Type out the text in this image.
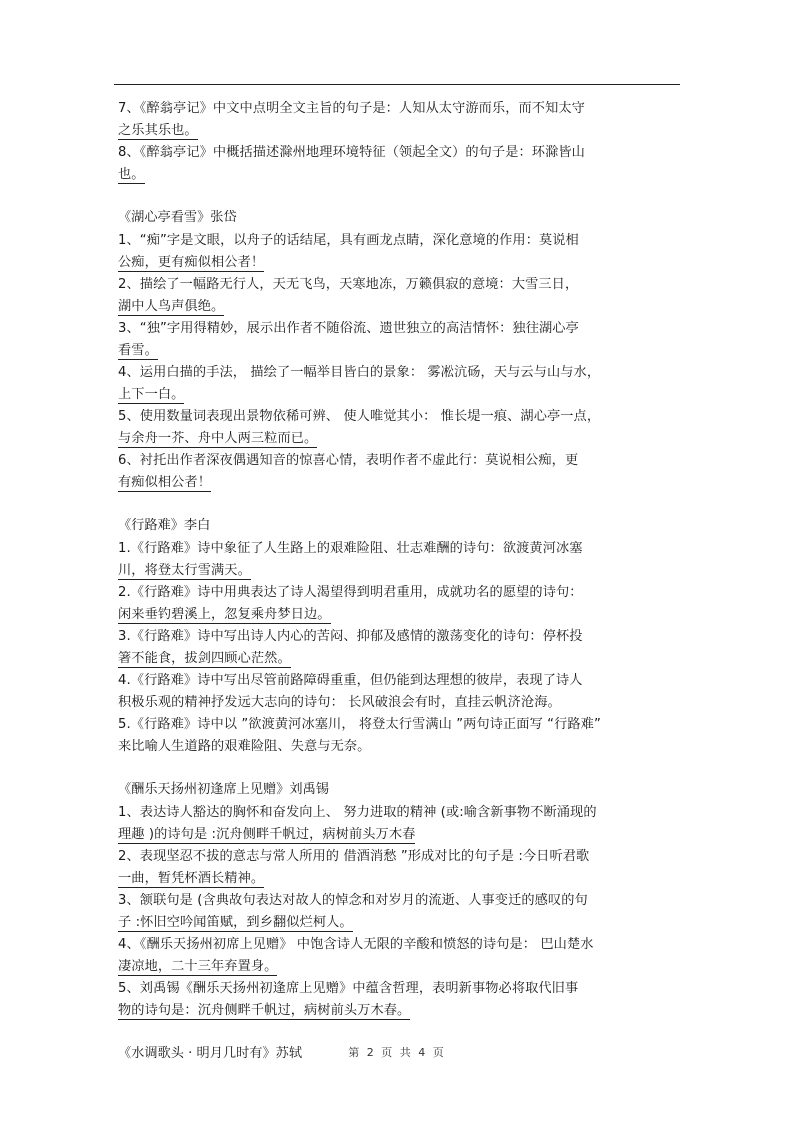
7、《醉翁亭记》中文中点明全文主旨的句子是：人知从太守游而乐，而不知太守
之乐其乐也。
8、《醉翁亭记》中概括描述滁州地理环境特征（领起全文）的句子是：环滁皆山
也。
《湖心亭看雪》张岱
1、“痴”字是文眼，以舟子的话结尾，具有画龙点睛，深化意境的作用：莫说相
公痴，更有痴似相公者！
2、描绘了一幅路无行人，天无飞鸟，天寒地冻，万籁俱寂的意境：大雪三日，
湖中人鸟声俱绝。
3、“独”字用得精妙，展示出作者不随俗流、遗世独立的高洁情怀：独往湖心亭
看雪。
4、运用白描的手法， 描绘了一幅举目皆白的景象： 雾凇沆砀，天与云与山与水，
上下一白。
5、使用数量词表现出景物依稀可辨、 使人唯觉其小： 惟长堤一痕、湖心亭一点，
与余舟一芥、舟中人两三粒而已。
6、衬托出作者深夜偶遇知音的惊喜心情，表明作者不虚此行：莫说相公痴，更
有痴似相公者！
《行路难》李白
1.《行路难》诗中象征了人生路上的艰难险阻、壮志难酬的诗句：欲渡黄河冰塞
川，将登太行雪满天。
2.《行路难》诗中用典表达了诗人渴望得到明君重用，成就功名的愿望的诗句：
闲来垂钓碧溪上，忽复乘舟梦日边。
3.《行路难》诗中写出诗人内心的苦闷、抑郁及感情的激荡变化的诗句：停杯投
箸不能食，拔剑四顾心茫然。
4.《行路难》诗中写出尽管前路障碍重重，但仍能到达理想的彼岸，表现了诗人
积极乐观的精神抒发远大志向的诗句： 长风破浪会有时，直挂云帆济沧海。
5.《行路难》诗中以 ”欲渡黄河冰塞川， 将登太行雪满山 ”两句诗正面写 “行路难”
来比喻人生道路的艰难险阻、失意与无奈。
《酬乐天扬州初逢席上见赠》刘禹锡
1、表达诗人豁达的胸怀和奋发向上、 努力进取的精神 (或:喻含新事物不断涌现的
理趣 )的诗句是 :沉舟侧畔千帆过，病树前头万木春
2、表现坚忍不拔的意志与常人所用的 借酒消愁 ”形成对比的句子是 :今日听君歌
一曲，暂凭杯酒长精神。
3、颔联句是 (含典故句表达对故人的悼念和对岁月的流逝、人事变迁的感叹的句
子 :怀旧空吟闻笛赋，到乡翻似烂柯人。
4、《酬乐天扬州初席上见赠》 中饱含诗人无限的辛酸和愤怒的诗句是： 巴山楚水
凄凉地，二十三年弃置身。
5、刘禹锡《酬乐天扬州初逢席上见赠》中蕴含哲理，表明新事物必将取代旧事
物的诗句是：沉舟侧畔千帆过，病树前头万木春。
《水调歌头 · 明月几时有》苏轼	第 2 页 共 4 页
